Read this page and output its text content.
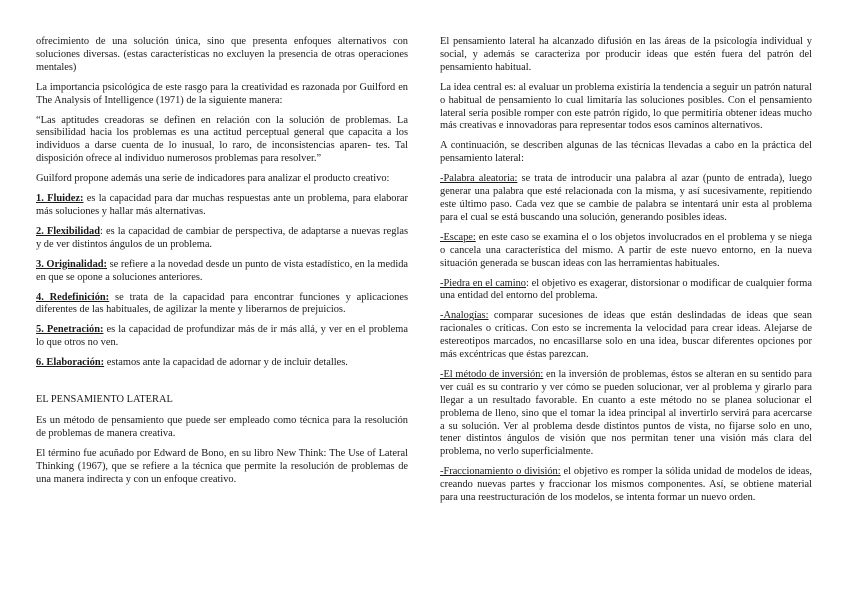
ofrecimiento de una solución única, sino que presenta enfoques alternativos con soluciones diversas. (estas características no excluyen la presencia de otras operaciones mentales)

La importancia psicológica de este rasgo para la creatividad es razonada por Guilford en The Analysis of Intelligence (1971) de la siguiente manera:

“Las aptitudes creadoras se definen en relación con la solución de problemas. La sensibilidad hacia los problemas es una actitud perceptual general que capacita a los individuos a darse cuenta de lo inusual, lo raro, de inconsistencias aparen- tes. Tal disposición ofrece al individuo numerosos problemas para resolver.”

Guilford propone además una serie de indicadores para analizar el producto creativo:

1. Fluidez: es la capacidad para dar muchas respuestas ante un problema, para elaborar más soluciones y hallar más alternativas.

2. Flexibilidad: es la capacidad de cambiar de perspectiva, de adaptarse a nuevas reglas y de ver distintos ángulos de un problema.

3. Originalidad: se refiere a la novedad desde un punto de vista estadístico, en la medida en que se opone a soluciones anteriores.

4. Redefinición: se trata de la capacidad para encontrar funciones y aplicaciones diferentes de las habituales, de agilizar la mente y liberarnos de prejuicios.

5. Penetración: es la capacidad de profundizar más de ir más allá, y ver en el problema lo que otros no ven.

6. Elaboración: estamos ante la capacidad de adornar y de incluir detalles.

EL PENSAMIENTO LATERAL

Es un método de pensamiento que puede ser empleado como técnica para la resolución de problemas de manera creativa.

El término fue acuñado por Edward de Bono, en su libro New Think: The Use of Lateral Thinking (1967), que se refiere a la técnica que permite la resolución de problemas de una manera indirecta y con un enfoque creativo.

El pensamiento lateral ha alcanzado difusión en las áreas de la psicología individual y social, y además se caracteriza por producir ideas que estén fuera del patrón del pensamiento habitual.

La idea central es: al evaluar un problema existiría la tendencia a seguir un patrón natural o habitual de pensamiento lo cual limitaría las soluciones posibles. Con el pensamiento lateral sería posible romper con este patrón rígido, lo que permitiría obtener ideas mucho más creativas e innovadoras para representar todos esos caminos alternativos.

A continuación, se describen algunas de las técnicas llevadas a cabo en la práctica del pensamiento lateral:

-Palabra aleatoria: se trata de introducir una palabra al azar (punto de entrada), luego generar una palabra que esté relacionada con la misma, y así sucesivamente, repitiendo este último paso. Cada vez que se cambie de palabra se intentará unir esta al problema para el cual se está buscando una solución, generando posibles ideas.

-Escape: en este caso se examina el o los objetos involucrados en el problema y se niega o cancela una característica del mismo. A partir de este nuevo entorno, en la nueva situación generada se buscan ideas con las herramientas habituales.

-Piedra en el camino: el objetivo es exagerar, distorsionar o modificar de cualquier forma una entidad del entorno del problema.

-Analogías: comparar sucesiones de ideas que están deslindadas de ideas que sean racionales o críticas. Con esto se incrementa la velocidad para crear ideas. Alejarse de estereotipos marcados, no encasillarse solo en una idea, buscar diferentes opciones por más excéntricas que éstas parezcan.

-El método de inversión: en la inversión de problemas, éstos se alteran en su sentido para ver cuál es su contrario y ver cómo se pueden solucionar, ver al problema y girarlo para llegar a un resultado favorable. En cuanto a este método no se planea solucionar el problema de lleno, sino que el tomar la idea principal al invertirlo servirá para acercarse a su solución. Ver al problema desde distintos puntos de vista, no fijarse solo en uno, tener distintos ángulos de visión que nos permitan tener una visión más clara del problema, no verlo superficialmente.

-Fraccionamiento o división: el objetivo es romper la sólida unidad de modelos de ideas, creando nuevas partes y fraccionar los mismos componentes. Así, se obtiene material para una reestructuración de los modelos, se intenta formar un nuevo orden.
